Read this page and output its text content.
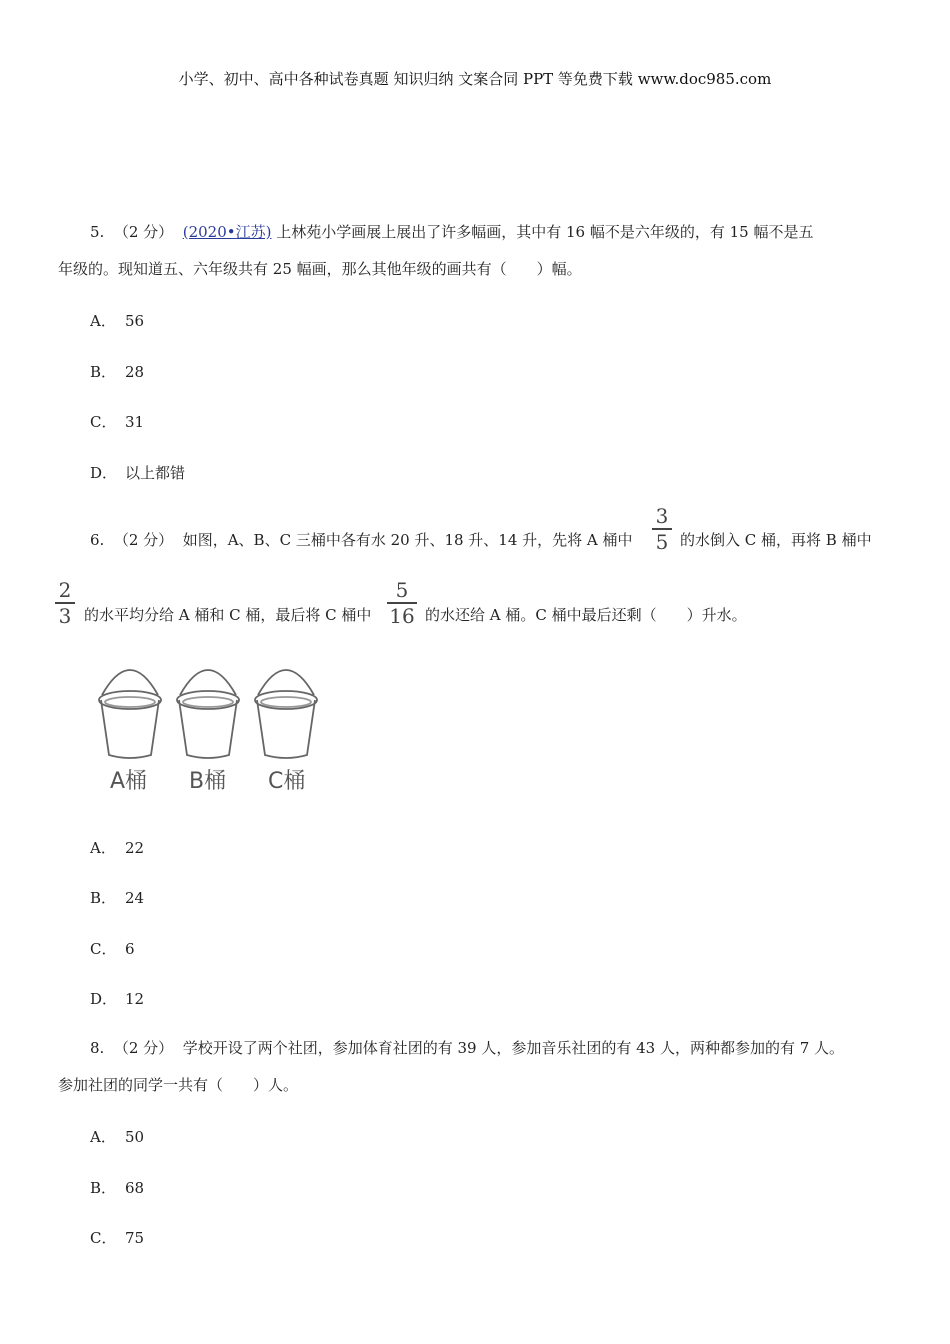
小学、初中、高中各种试卷真题 知识归纳 文案合同 PPT 等免费下载 www.doc985.com
5. （2 分） (2020•江苏) 上林苑小学画展上展出了许多幅画，其中有 16 幅不是六年级的，有 15 幅不是五
年级的。现知道五、六年级共有 25 幅画，那么其他年级的画共有（　　）幅。
A． 56
B． 28
C． 31
D． 以上都错
6. （2 分） 如图，A、B、C 三桶中各有水 20 升、18 升、14 升，先将 A 桶中
3
5 的水倒入 C 桶，再将 B 桶中
2
3 的水平均分给 A 桶和 C 桶，最后将 C 桶中
5
16 的水还给 A 桶。C 桶中最后还剩（　　）升水。
A桶 B桶 C桶
A． 22
B． 24
C． 6
D． 12
8. （2 分） 学校开设了两个社团，参加体育社团的有 39 人，参加音乐社团的有 43 人，两种都参加的有 7 人。
参加社团的同学一共有（　　）人。
A． 50
B． 68
C． 75
